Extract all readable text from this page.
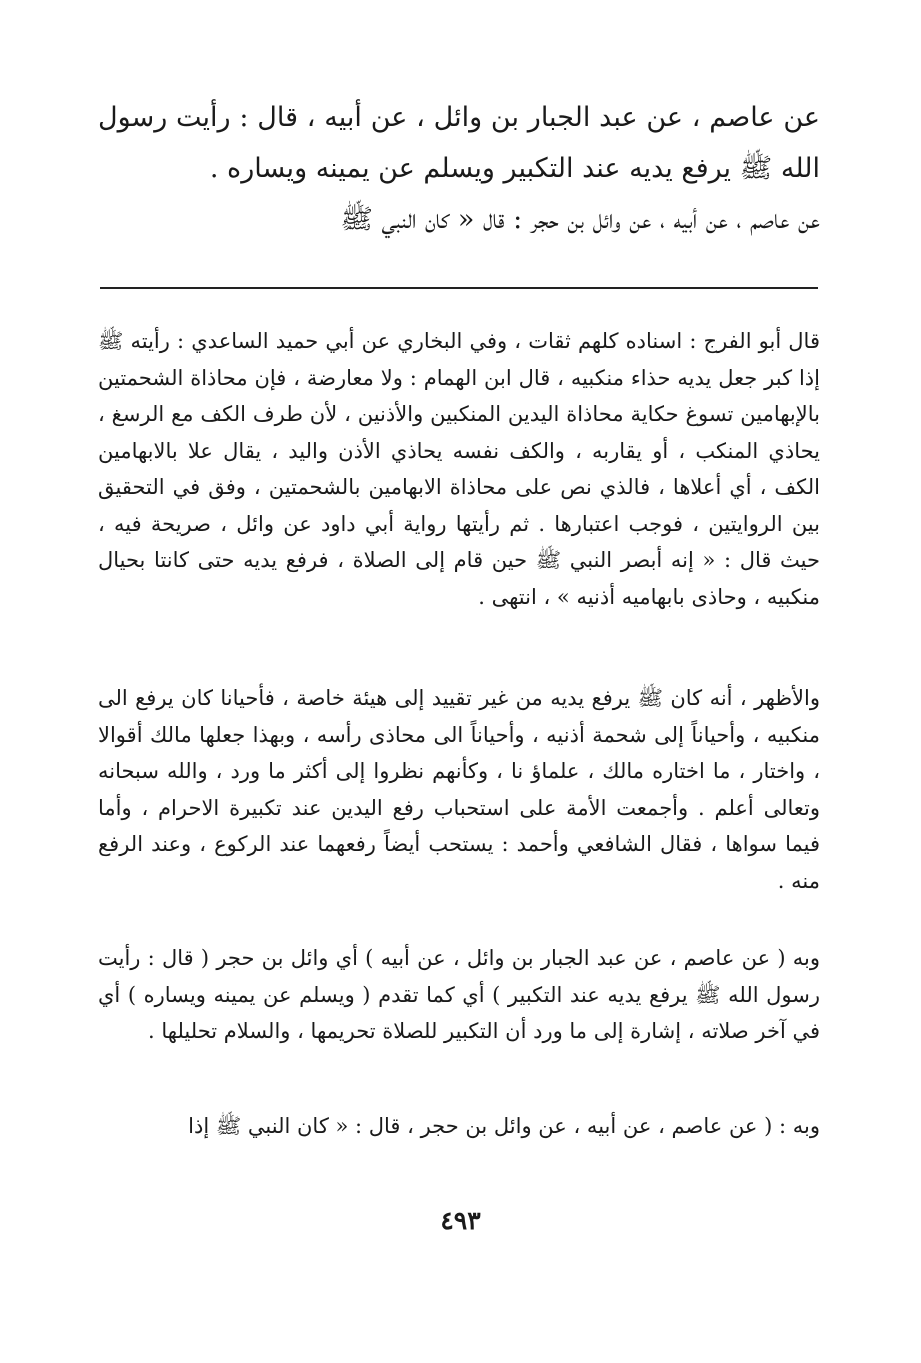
عن عاصم ، عن عبد الجبار بن وائل ، عن أبيه ، قال : رأيت رسول الله ﷺ يرفع يديه عند التكبير ويسلم عن يمينه ويساره .

عن عاصم ، عن أبيه ، عن وائل بن حجر : قال « كان النبي ﷺ

قال أبو الفرج : اسناده كلهم ثقات ، وفي البخاري عن أبي حميد الساعدي : رأيته ﷺ إذا كبر جعل يديه حذاء منكبيه ، قال ابن الهمام : ولا معارضة ، فإن محاذاة الشحمتين بالإبهامين تسوغ حكاية محاذاة اليدين المنكبين والأذنين ، لأن طرف الكف مع الرسغ ، يحاذي المنكب ، أو يقاربه ، والكف نفسه يحاذي الأذن واليد ، يقال علا بالابهامين الكف ، أي أعلاها ، فالذي نص على محاذاة الابهامين بالشحمتين ، وفق في التحقيق بين الروايتين ، فوجب اعتبارها . ثم رأيتها رواية أبي داود عن وائل ، صريحة فيه ، حيث قال : « إنه أبصر النبي ﷺ حين قام إلى الصلاة ، فرفع يديه حتى كانتا بحيال منكبيه ، وحاذى بابهاميه أذنيه » ، انتهى .

والأظهر ، أنه كان ﷺ يرفع يديه من غير تقييد إلى هيئة خاصة ، فأحيانا كان يرفع الى منكبيه ، وأحياناً إلى شحمة أذنيه ، وأحياناً الى محاذى رأسه ، وبهذا جعلها مالك أقوالا ، واختار ، ما اختاره مالك ، علماؤ نا ، وكأنهم نظروا إلى أكثر ما ورد ، والله سبحانه وتعالى أعلم . وأجمعت الأمة على استحباب رفع اليدين عند تكبيرة الاحرام ، وأما فيما سواها ، فقال الشافعي وأحمد : يستحب أيضاً رفعهما عند الركوع ، وعند الرفع منه .

وبه ( عن عاصم ، عن عبد الجبار بن وائل ، عن أبيه ) أي وائل بن حجر ( قال : رأيت رسول الله ﷺ يرفع يديه عند التكبير ) أي كما تقدم ( ويسلم عن يمينه ويساره ) أي في آخر صلاته ، إشارة إلى ما ورد أن التكبير للصلاة تحريمها ، والسلام تحليلها .

وبه : ( عن عاصم ، عن أبيه ، عن وائل بن حجر ، قال : « كان النبي ﷺ إذا

٤٩٣
